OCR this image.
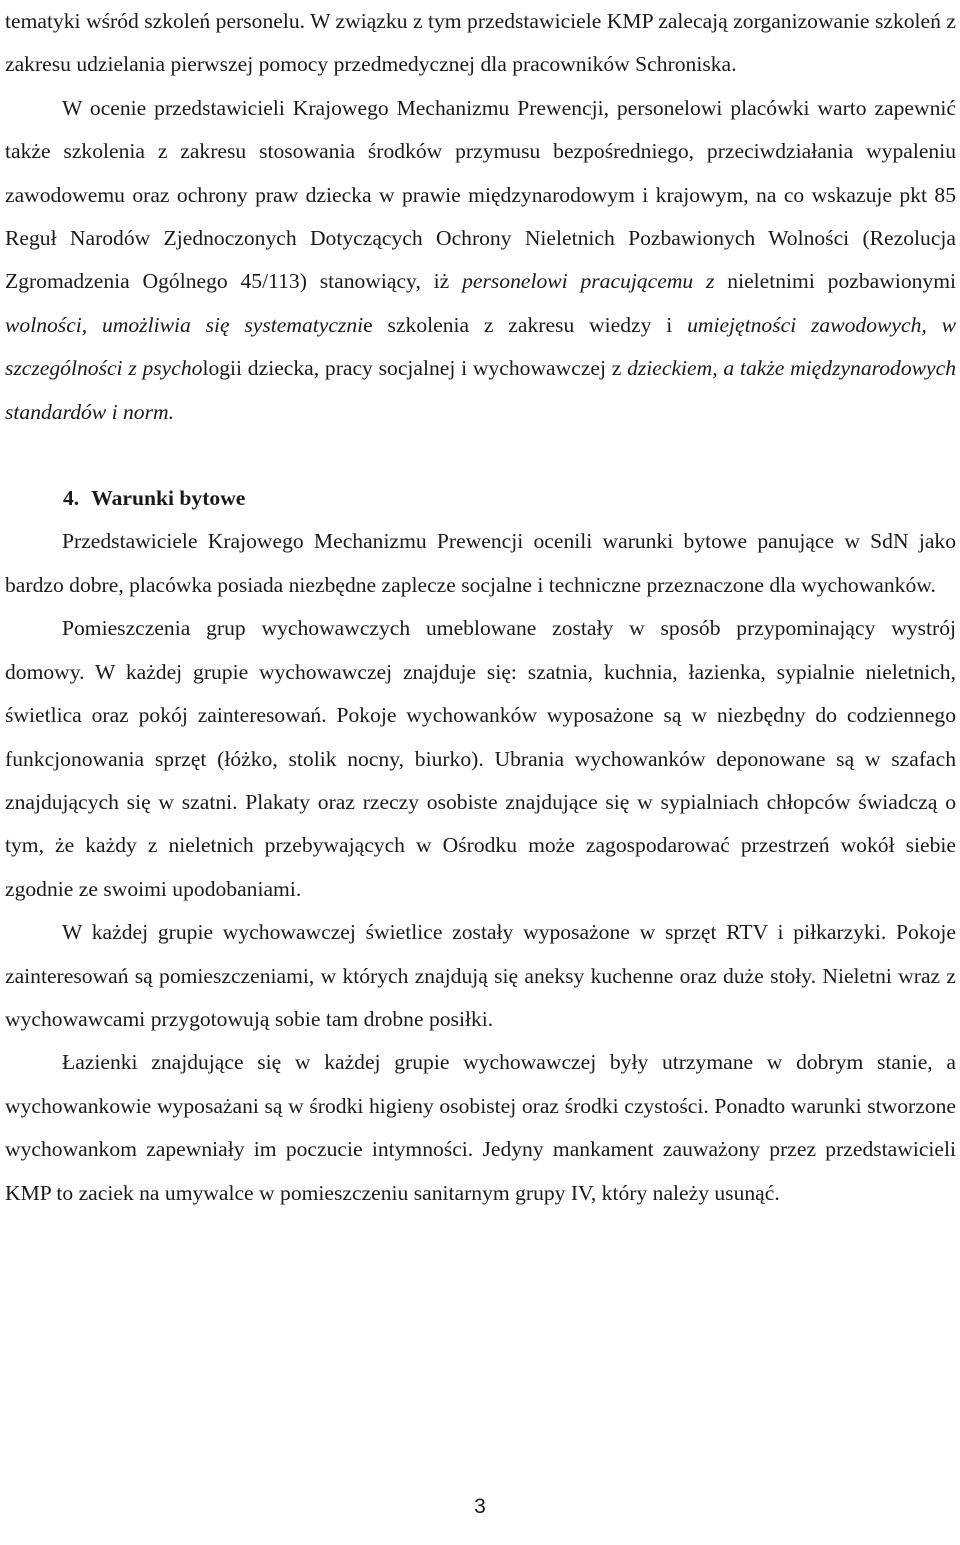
tematyki wśród szkoleń personelu. W związku z tym przedstawiciele KMP zalecają zorganizowanie szkoleń z zakresu udzielania pierwszej pomocy przedmedycznej dla pracowników Schroniska.

W ocenie przedstawicieli Krajowego Mechanizmu Prewencji, personelowi placówki warto zapewnić także szkolenia z zakresu stosowania środków przymusu bezpośredniego, przeciwdziałania wypaleniu zawodowemu oraz ochrony praw dziecka w prawie międzynarodowym i krajowym, na co wskazuje pkt 85 Reguł Narodów Zjednoczonych Dotyczących Ochrony Nieletnich Pozbawionych Wolności (Rezolucja Zgromadzenia Ogólnego 45/113) stanowiący, iż personelowi pracującemu z nieletnimi pozbawionymi wolności, umożliwia się systematycznie szkolenia z zakresu wiedzy i umiejętności zawodowych, w szczególności z psychologii dziecka, pracy socjalnej i wychowawczej z dzieckiem, a także międzynarodowych standardów i norm.

4. Warunki bytowe

Przedstawiciele Krajowego Mechanizmu Prewencji ocenili warunki bytowe panujące w SdN jako bardzo dobre, placówka posiada niezbędne zaplecze socjalne i techniczne przeznaczone dla wychowanków.

Pomieszczenia grup wychowawczych umeblowane zostały w sposób przypominający wystrój domowy. W każdej grupie wychowawczej znajduje się: szatnia, kuchnia, łazienka, sypialnie nieletnich, świetlica oraz pokój zainteresowań. Pokoje wychowanków wyposażone są w niezbędny do codziennego funkcjonowania sprzęt (łóżko, stolik nocny, biurko). Ubrania wychowanków deponowane są w szafach znajdujących się w szatni. Plakaty oraz rzeczy osobiste znajdujące się w sypialniach chłopców świadczą o tym, że każdy z nieletnich przebywających w Ośrodku może zagospodarować przestrzeń wokół siebie zgodnie ze swoimi upodobaniami.

W każdej grupie wychowawczej świetlice zostały wyposażone w sprzęt RTV i piłkarzyki. Pokoje zainteresowań są pomieszczeniami, w których znajdują się aneksy kuchenne oraz duże stoły. Nieletni wraz z wychowawcami przygotowują sobie tam drobne posiłki.

Łazienki znajdujące się w każdej grupie wychowawczej były utrzymane w dobrym stanie, a wychowankowie wyposażani są w środki higieny osobistej oraz środki czystości. Ponadto warunki stworzone wychowankom zapewniały im poczucie intymności. Jedyny mankament zauważony przez przedstawicieli KMP to zaciek na umywalce w pomieszczeniu sanitarnym grupy IV, który należy usunąć.

3
